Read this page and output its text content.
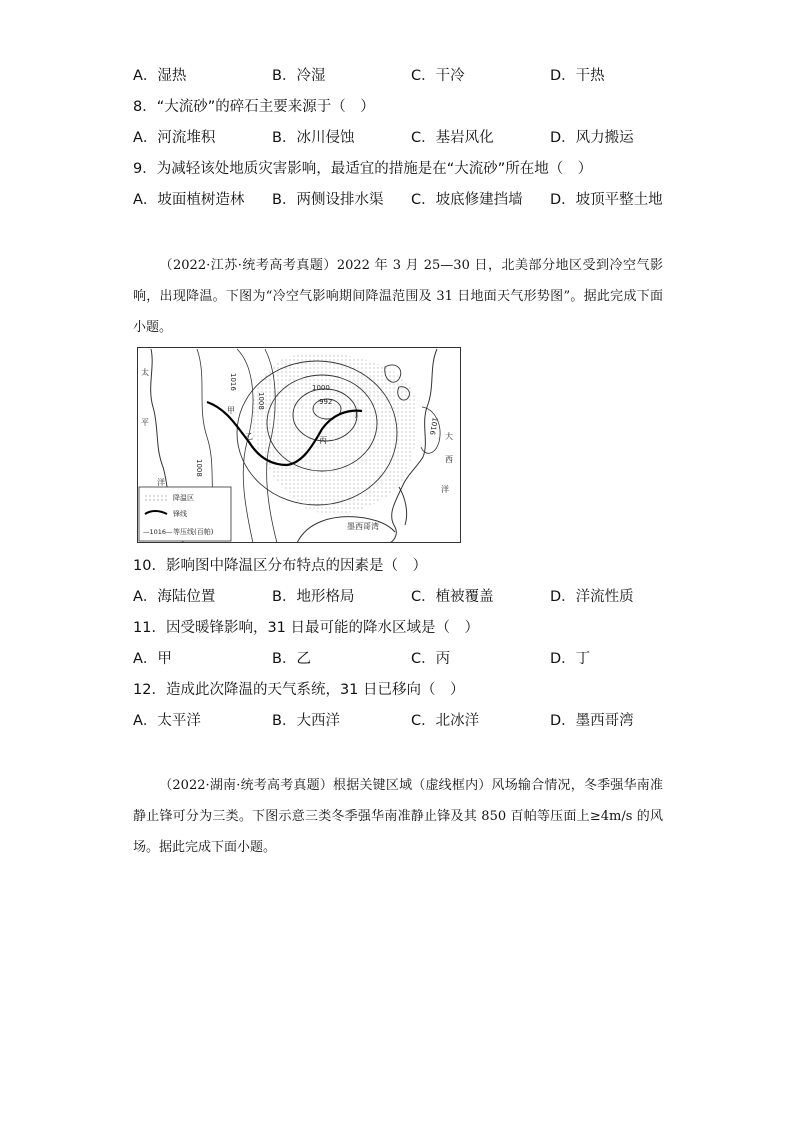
A．湿热	B．冷湿	C．干冷	D．干热
8．“大流砂”的碎石主要来源于（　）
A．河流堆积	B．冰川侵蚀	C．基岩风化	D．风力搬运
9．为减轻该处地质灾害影响，最适宜的措施是在“大流砂”所在地（　）
A．坡面植树造林 B．两侧设排水渠 C．坡底修建挡墙 D．坡顶平整土地
（2022·江苏·统考高考真题）2022 年 3 月 25—30 日，北美部分地区受到冷空气影响，出现降温。下图为“冷空气影响期间降温范围及 31 日地面天气形势图”。据此完成下面小题。
1016
1008
1000
992
1008
1016
甲
乙	丙
丁
太
平
洋
大
西
洋
墨西哥湾
降温区
锋线
—1016— 等压线(百帕)
10．影响图中降温区分布特点的因素是（　）
A．海陆位置	B．地形格局	C．植被覆盖	D．洋流性质
11．因受暖锋影响，31 日最可能的降水区域是（　）
A．甲	B．乙	C．丙	D．丁
12．造成此次降温的天气系统，31 日已移向（　）
A．太平洋	B．大西洋	C．北冰洋	D．墨西哥湾
（2022·湖南·统考高考真题）根据关键区域（虚线框内）风场输合情况，冬季强华南准静止锋可分为三类。下图示意三类冬季强华南准静止锋及其 850 百帕等压面上≥4m/s 的风场。据此完成下面小题。
